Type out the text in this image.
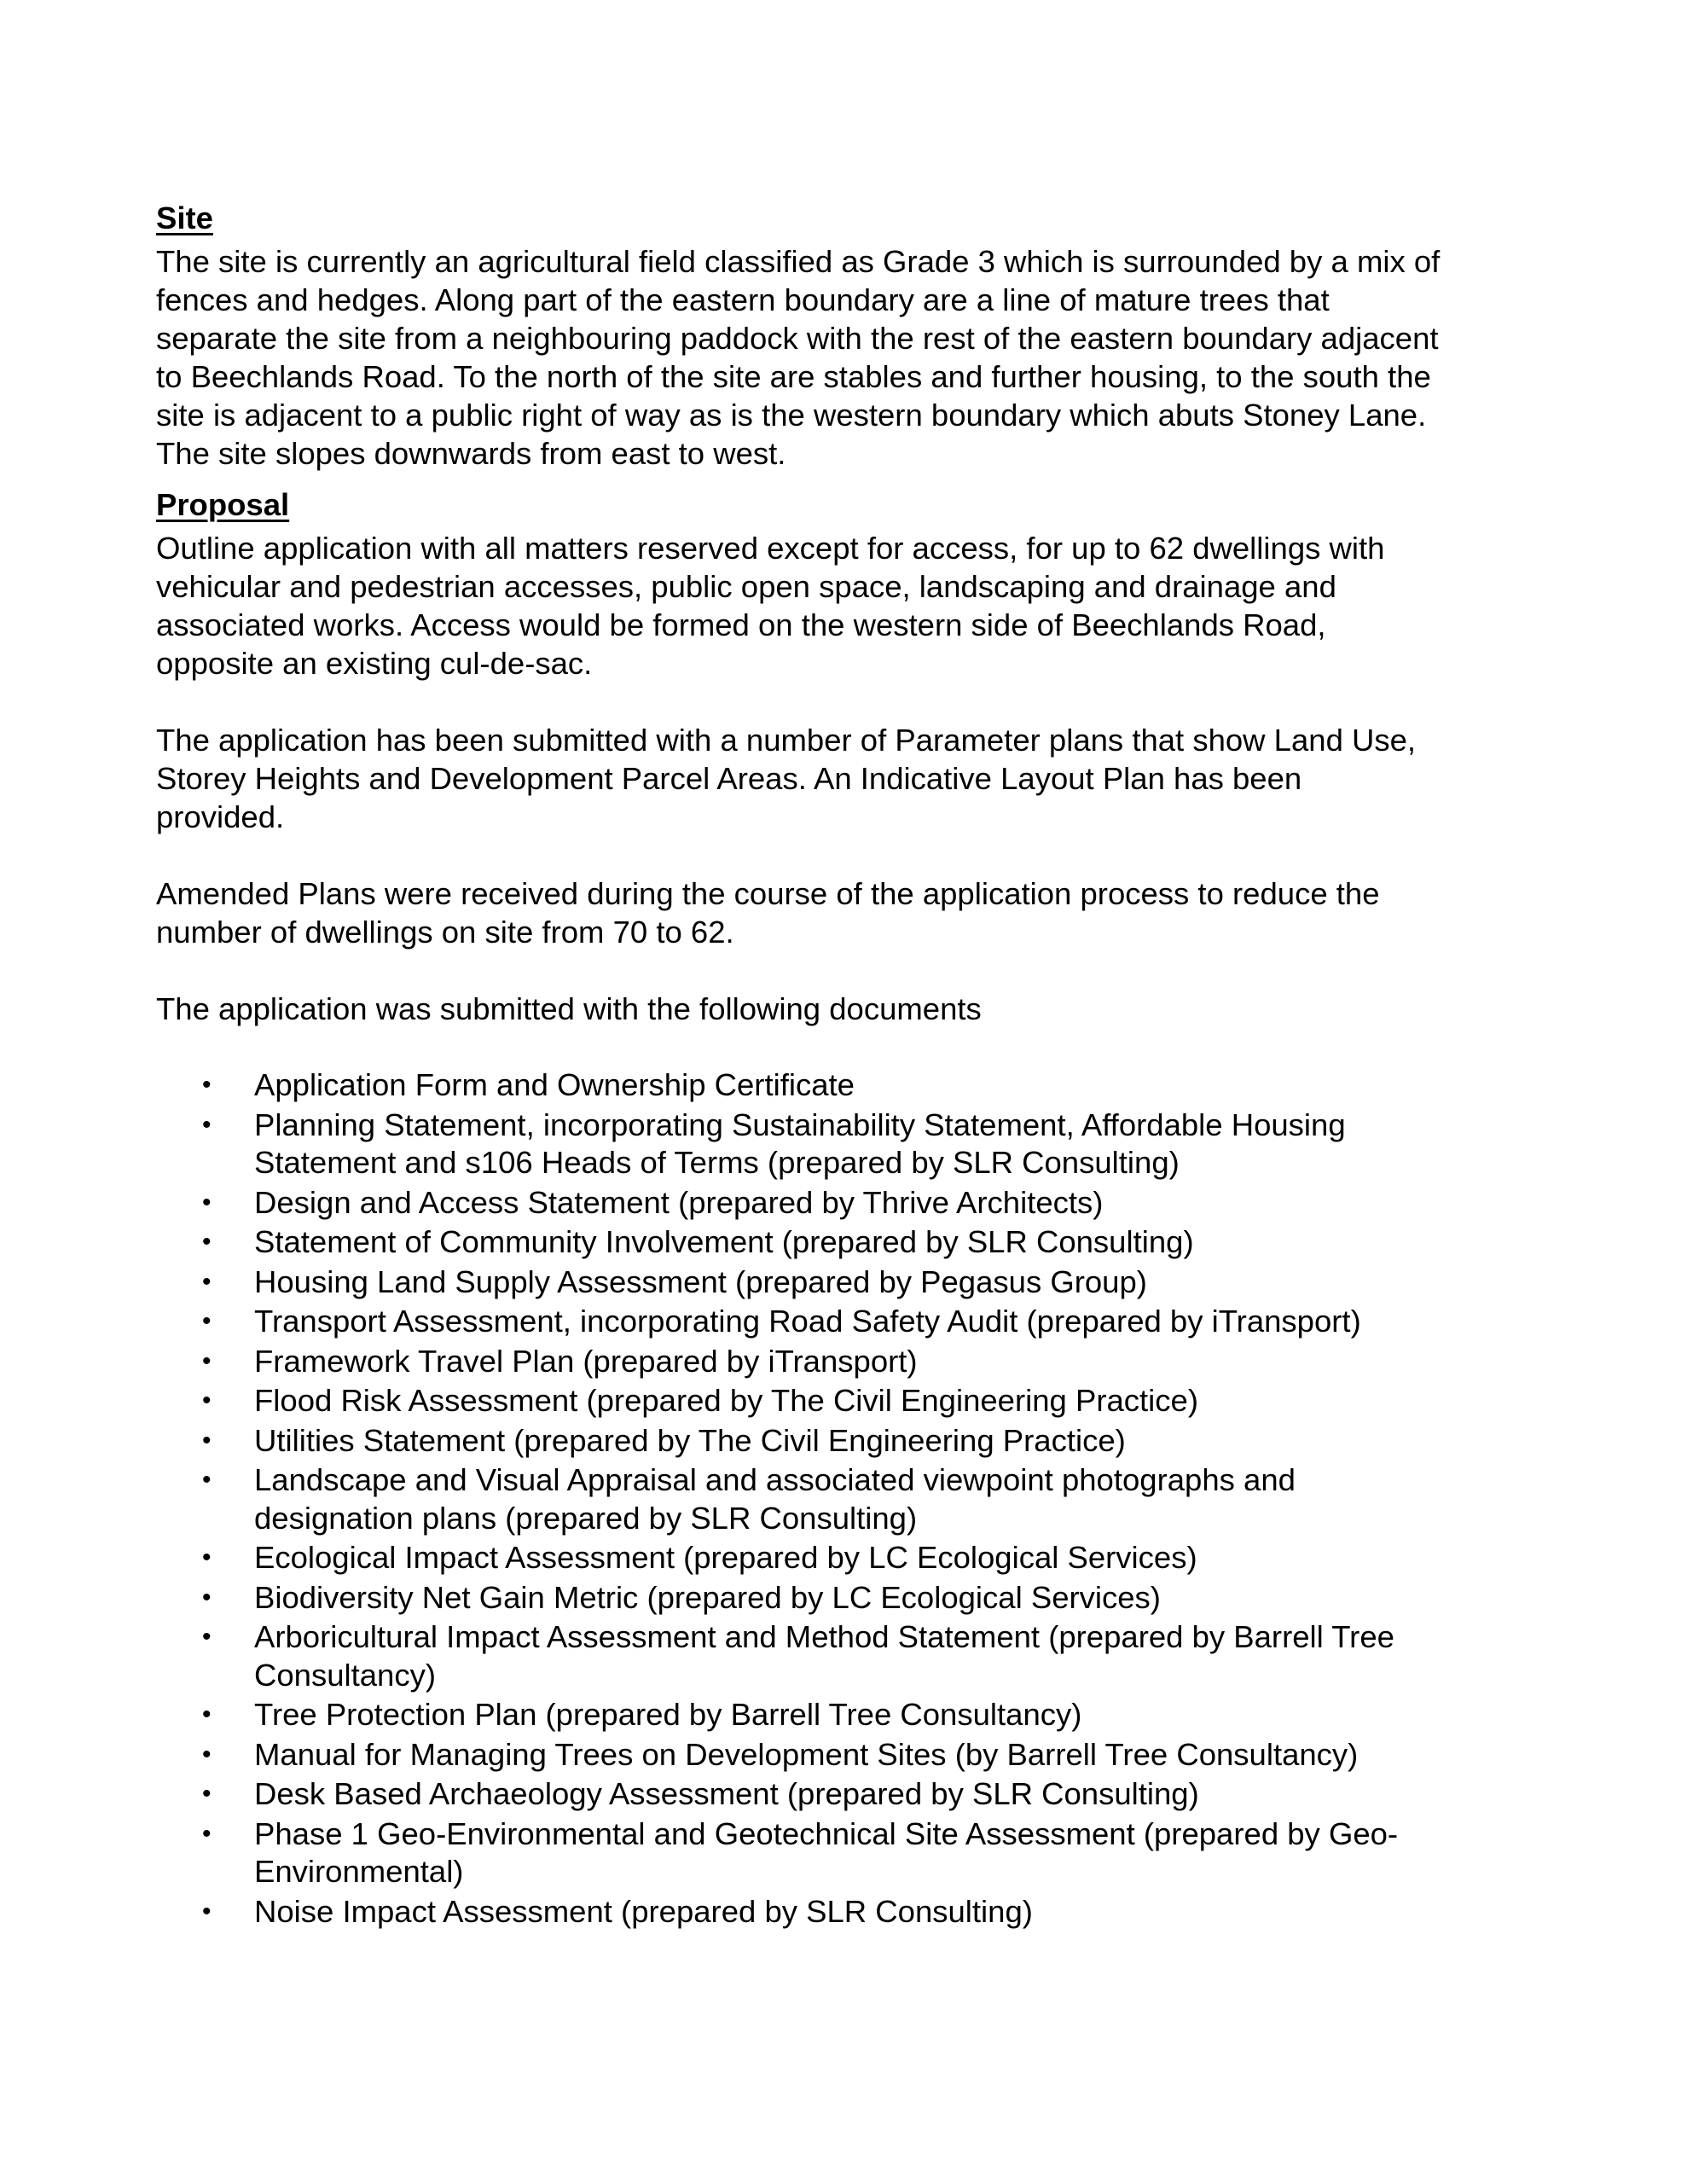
Site
The site is currently an agricultural field classified as Grade 3 which is surrounded by a mix of
fences and hedges. Along part of the eastern boundary are a line of mature trees that
separate the site from a neighbouring paddock with the rest of the eastern boundary adjacent
to Beechlands Road. To the north of the site are stables and further housing, to the south the
site is adjacent to a public right of way as is the western boundary which abuts Stoney Lane.
The site slopes downwards from east to west.
Proposal
Outline application with all matters reserved except for access, for up to 62 dwellings with
vehicular and pedestrian accesses, public open space, landscaping and drainage and
associated works. Access would be formed on the western side of Beechlands Road,
opposite an existing cul-de-sac.
The application has been submitted with a number of Parameter plans that show Land Use,
Storey Heights and Development Parcel Areas. An Indicative Layout Plan has been
provided.
Amended Plans were received during the course of the application process to reduce the
number of dwellings on site from 70 to 62.
The application was submitted with the following documents
• Application Form and Ownership Certificate
• Planning Statement, incorporating Sustainability Statement, Affordable Housing
Statement and s106 Heads of Terms (prepared by SLR Consulting)
• Design and Access Statement (prepared by Thrive Architects)
• Statement of Community Involvement (prepared by SLR Consulting)
• Housing Land Supply Assessment (prepared by Pegasus Group)
• Transport Assessment, incorporating Road Safety Audit (prepared by iTransport)
• Framework Travel Plan (prepared by iTransport)
• Flood Risk Assessment (prepared by The Civil Engineering Practice)
• Utilities Statement (prepared by The Civil Engineering Practice)
• Landscape and Visual Appraisal and associated viewpoint photographs and
designation plans (prepared by SLR Consulting)
• Ecological Impact Assessment (prepared by LC Ecological Services)
• Biodiversity Net Gain Metric (prepared by LC Ecological Services)
• Arboricultural Impact Assessment and Method Statement (prepared by Barrell Tree
Consultancy)
• Tree Protection Plan (prepared by Barrell Tree Consultancy)
• Manual for Managing Trees on Development Sites (by Barrell Tree Consultancy)
• Desk Based Archaeology Assessment (prepared by SLR Consulting)
• Phase 1 Geo-Environmental and Geotechnical Site Assessment (prepared by Geo-
Environmental)
• Noise Impact Assessment (prepared by SLR Consulting)
